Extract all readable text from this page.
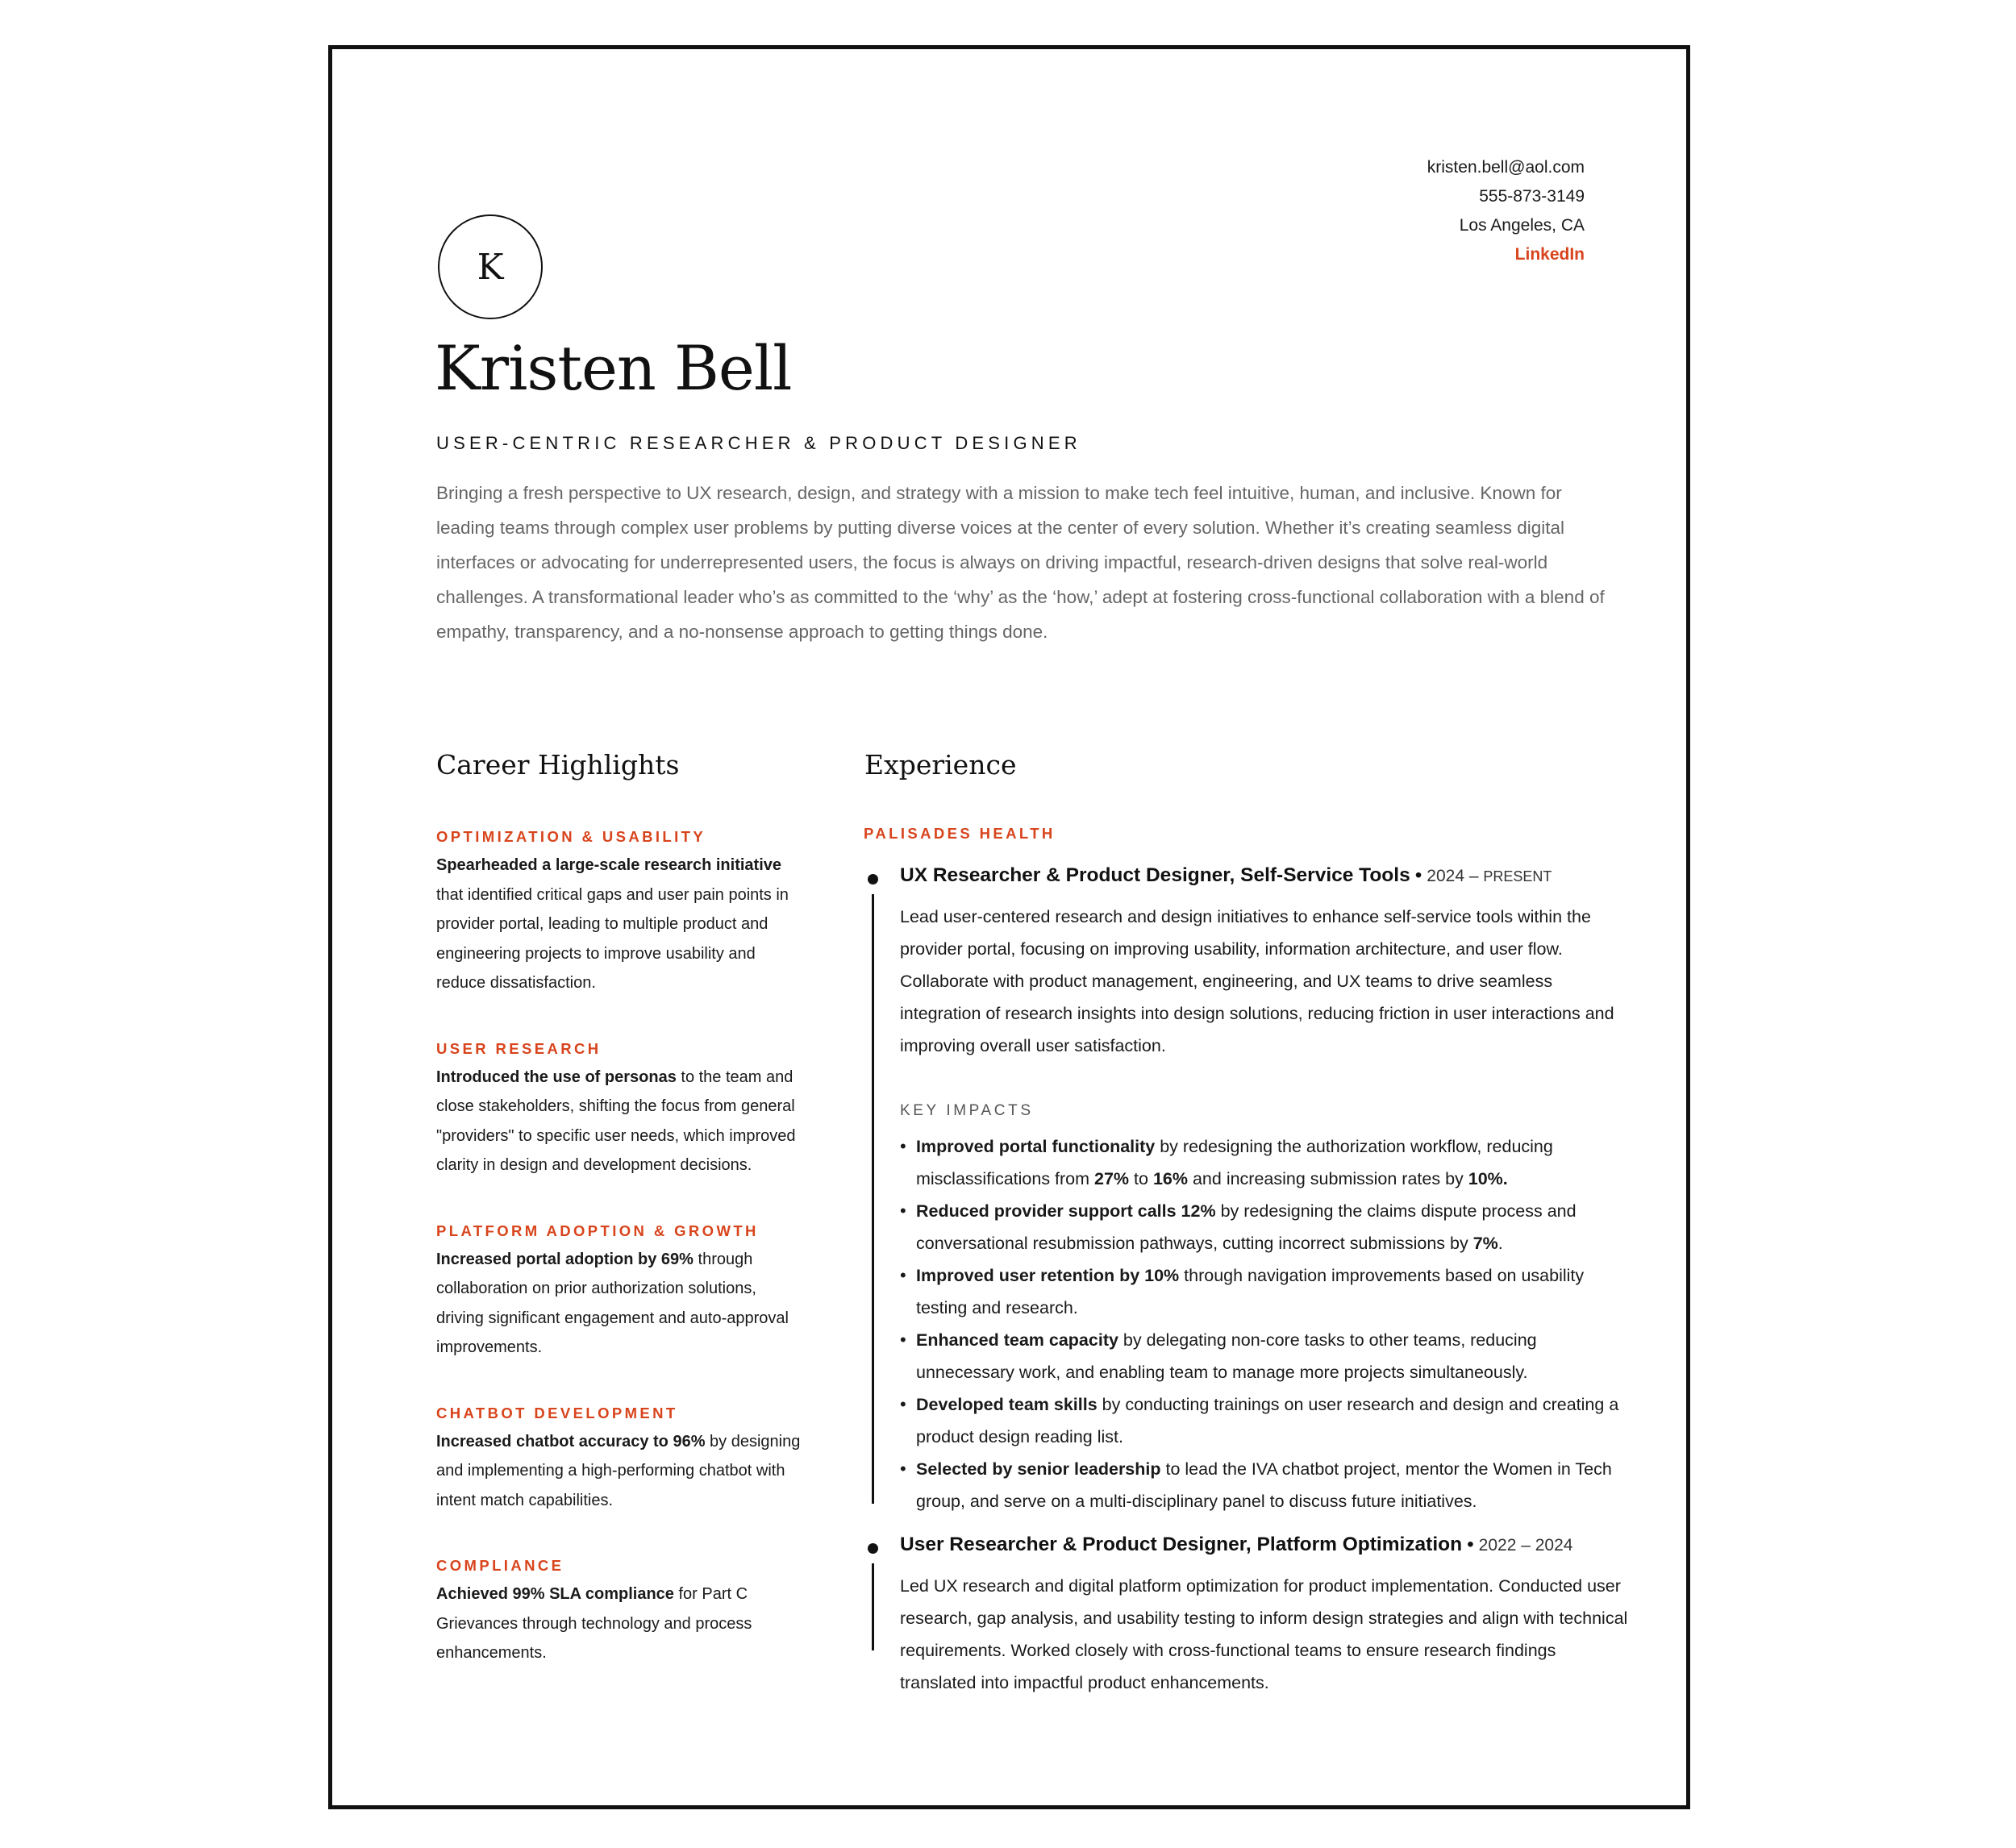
kristen.bell@aol.com
555-873-3149
Los Angeles, CA
LinkedIn
K
Kristen Bell
USER-CENTRIC RESEARCHER & PRODUCT DESIGNER
Bringing a fresh perspective to UX research, design, and strategy with a mission to make tech feel intuitive, human, and inclusive. Known for leading teams through complex user problems by putting diverse voices at the center of every solution. Whether it’s creating seamless digital interfaces or advocating for underrepresented users, the focus is always on driving impactful, research-driven designs that solve real-world challenges. A transformational leader who’s as committed to the ‘why’ as the ‘how,’ adept at fostering cross-functional collaboration with a blend of empathy, transparency, and a no-nonsense approach to getting things done.
Career Highlights	Experience
OPTIMIZATION & USABILITY
Spearheaded a large-scale research initiative that identified critical gaps and user pain points in provider portal, leading to multiple product and engineering projects to improve usability and reduce dissatisfaction.
USER RESEARCH
Introduced the use of personas to the team and close stakeholders, shifting the focus from general "providers" to specific user needs, which improved clarity in design and development decisions.
PLATFORM ADOPTION & GROWTH
Increased portal adoption by 69% through collaboration on prior authorization solutions, driving significant engagement and auto-approval improvements.
CHATBOT DEVELOPMENT
Increased chatbot accuracy to 96% by designing and implementing a high-performing chatbot with intent match capabilities.
COMPLIANCE
Achieved 99% SLA compliance for Part C Grievances through technology and process enhancements.
PALISADES HEALTH
UX Researcher & Product Designer, Self-Service Tools • 2024 – PRESENT
Lead user-centered research and design initiatives to enhance self-service tools within the provider portal, focusing on improving usability, information architecture, and user flow. Collaborate with product management, engineering, and UX teams to drive seamless integration of research insights into design solutions, reducing friction in user interactions and improving overall user satisfaction.
KEY IMPACTS
• Improved portal functionality by redesigning the authorization workflow, reducing misclassifications from 27% to 16% and increasing submission rates by 10%.
• Reduced provider support calls 12% by redesigning the claims dispute process and conversational resubmission pathways, cutting incorrect submissions by 7%.
• Improved user retention by 10% through navigation improvements based on usability testing and research.
• Enhanced team capacity by delegating non-core tasks to other teams, reducing unnecessary work, and enabling team to manage more projects simultaneously.
• Developed team skills by conducting trainings on user research and design and creating a product design reading list.
• Selected by senior leadership to lead the IVA chatbot project, mentor the Women in Tech group, and serve on a multi-disciplinary panel to discuss future initiatives.
User Researcher & Product Designer, Platform Optimization • 2022 – 2024
Led UX research and digital platform optimization for product implementation. Conducted user research, gap analysis, and usability testing to inform design strategies and align with technical requirements. Worked closely with cross-functional teams to ensure research findings translated into impactful product enhancements.
